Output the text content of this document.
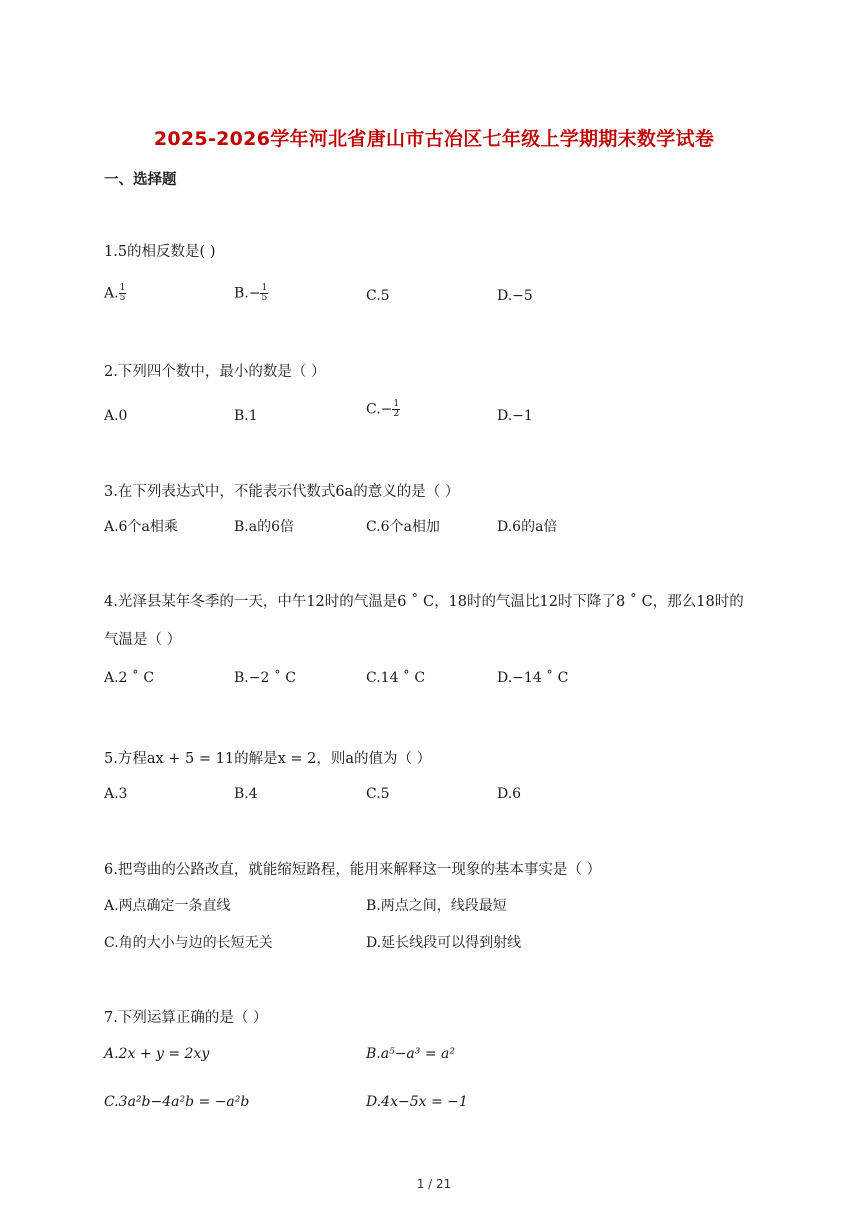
2025-2026学年河北省唐山市古冶区七年级上学期期末数学试卷
一、选择题
1.5的相反数是( )
A. $\frac{1}{5}$	$B.- \frac{1}{5}$	C.5	D.−5
2.下列四个数中，最小的数是（ ）
A.0	B.1	$C.- \frac{1}{2}$	D.−1
3.在下列表达式中，不能表示代数式6a的意义的是（ ）
A.6个a相乘	B.a的6倍	C.6个a相加	D.6的a倍
4.光泽县某年冬季的一天，中午12时的气温是6 ˚ C，18时的气温比12时下降了8 ˚ C，那么18时的
气温是（ ）
A.2 ˚ C	B.−2 ˚ C	C.14 ˚ C	D.−14 ˚ C
5.方程ax + 5 = 11的解是x = 2，则a的值为（ ）
A.3	B.4	C.5	D.6
6.把弯曲的公路改直，就能缩短路程，能用来解释这一现象的基本事实是（ ）
A.两点确定一条直线	B.两点之间，线段最短
C.角的大小与边的长短无关	D.延长线段可以得到射线
7.下列运算正确的是（ ）
A.2x + y = 2xy	B.a⁵−a³ = a²
C.3a²b−4a²b = −a²b	D.4x−5x = −1
1 / 21
